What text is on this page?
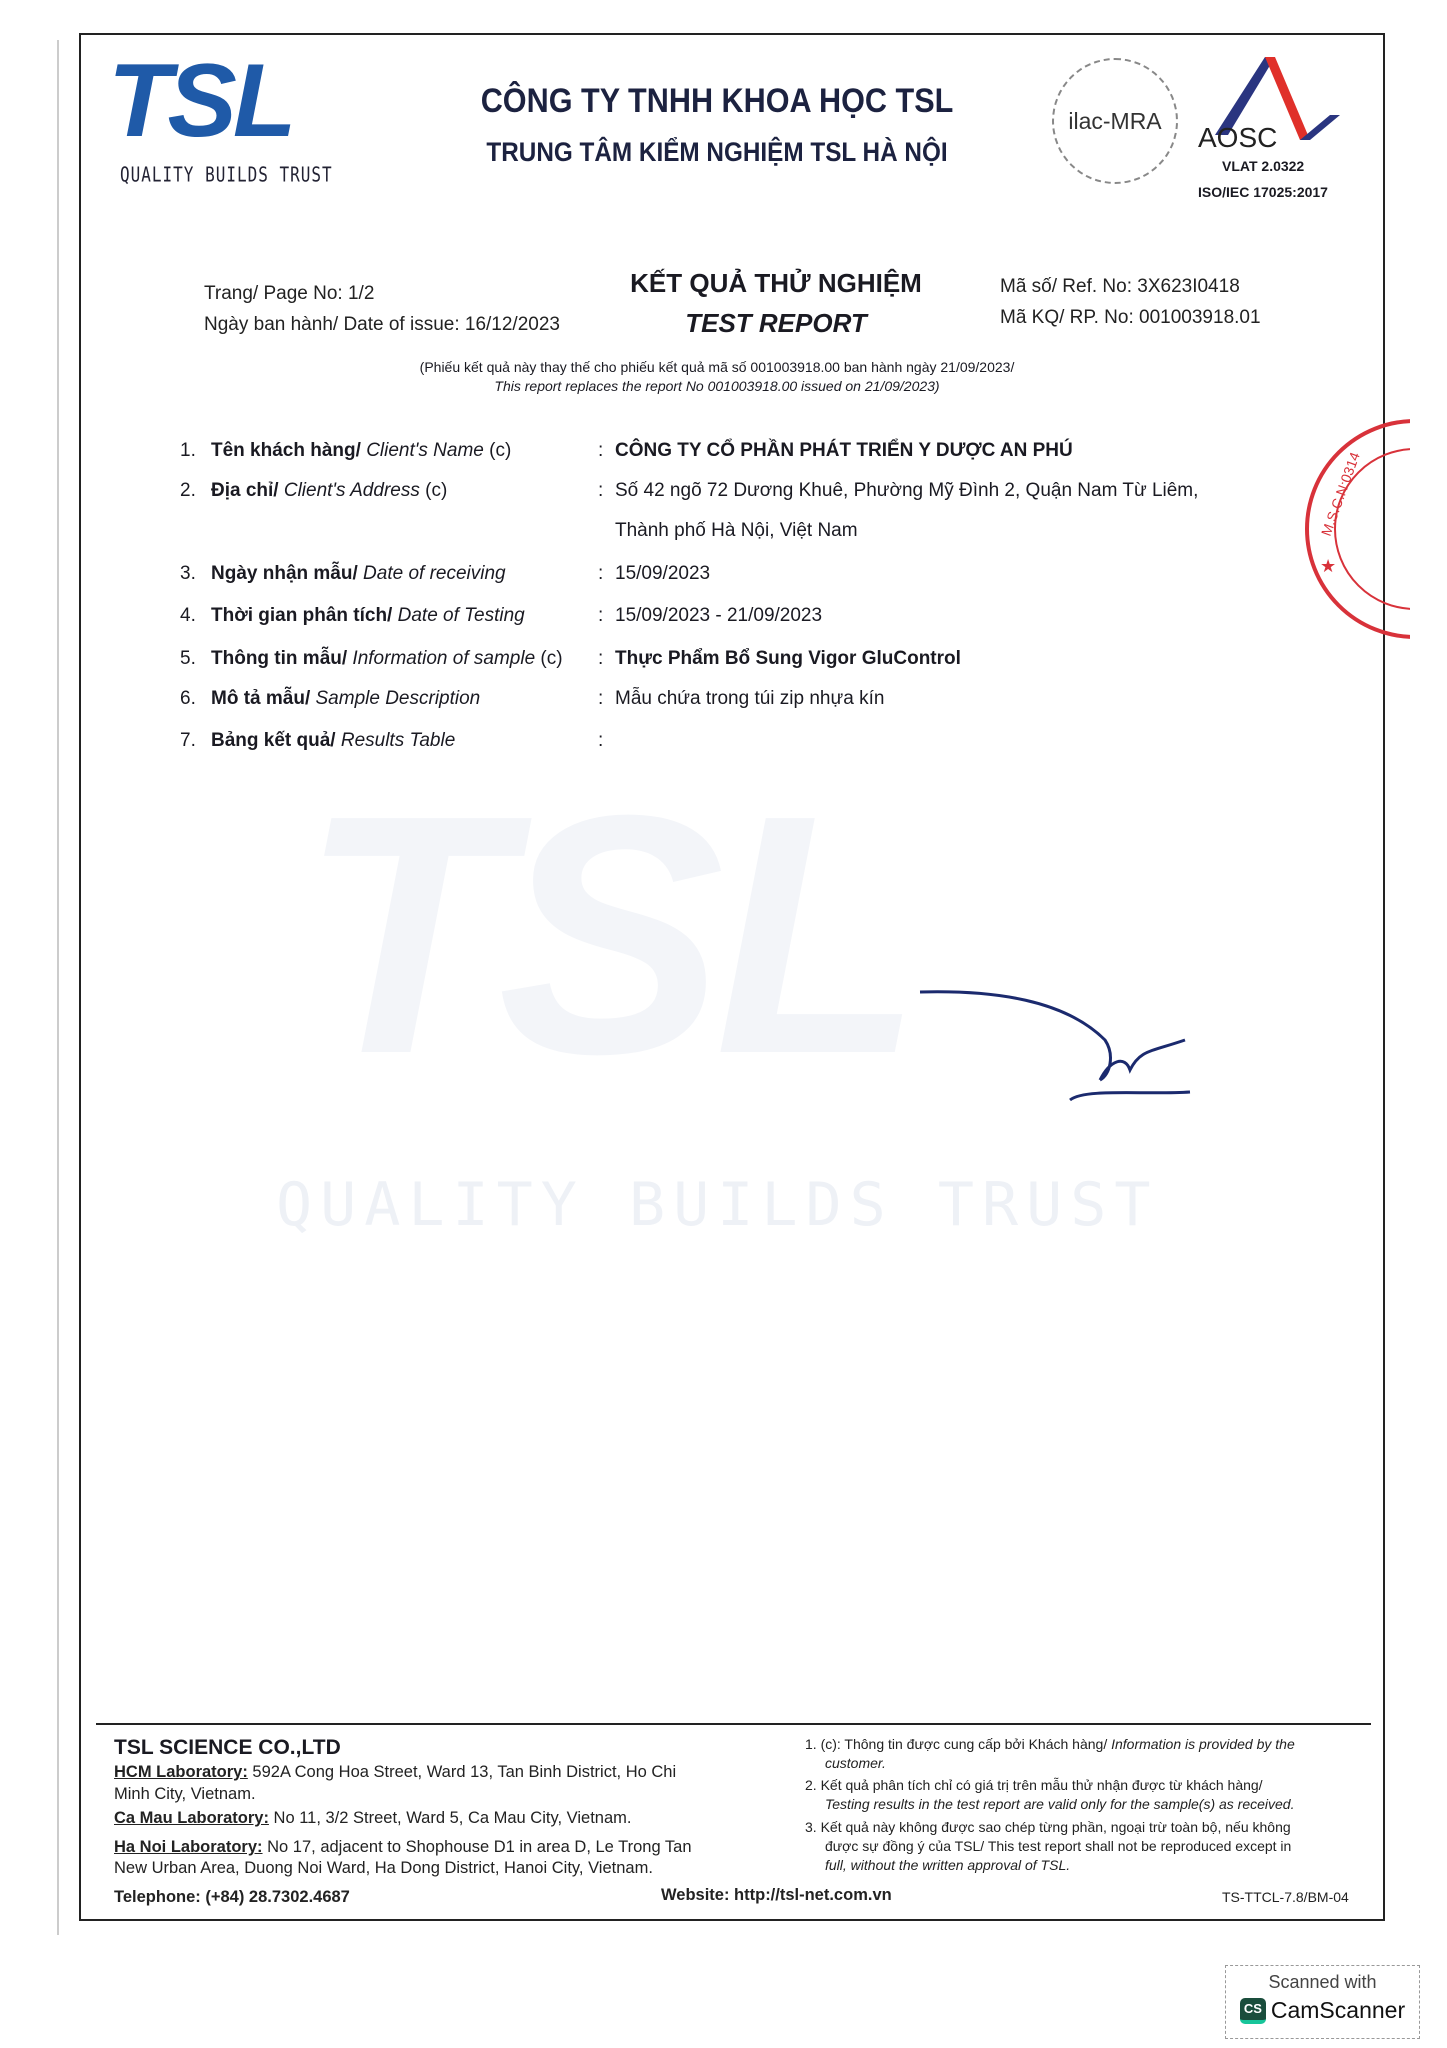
TSL
QUALITY BUILDS TRUST
TSL
QUALITY BUILDS TRUST
CÔNG TY TNHH KHOA HỌC TSL
TRUNG TÂM KIỂM NGHIỆM TSL HÀ NỘI
ilac-MRA
AOSC
VLAT 2.0322
ISO/IEC 17025:2017
Trang/ Page No: 1/2
Ngày ban hành/ Date of issue: 16/12/2023
KẾT QUẢ THỬ NGHIỆM
TEST REPORT
Mã số/ Ref. No: 3X623I0418
Mã KQ/ RP. No: 001003918.01
(Phiếu kết quả này thay thế cho phiếu kết quả mã số 001003918.00 ban hành ngày 21/09/2023/
This report replaces the report No 001003918.00 issued on 21/09/2023)
1. Tên khách hàng/ Client's Name (c)	: CÔNG TY CỔ PHẦN PHÁT TRIỂN Y DƯỢC AN PHÚ
2. Địa chỉ/ Client's Address (c)	: Số 42 ngõ 72 Dương Khuê, Phường Mỹ Đình 2, Quận Nam Từ Liêm,
Thành phố Hà Nội, Việt Nam
3. Ngày nhận mẫu/ Date of receiving	: 15/09/2023
4. Thời gian phân tích/ Date of Testing	: 15/09/2023 - 21/09/2023
5. Thông tin mẫu/ Information of sample (c) : Thực Phẩm Bổ Sung Vigor GluControl
6. Mô tả mẫu/ Sample Description	: Mẫu chứa trong túi zip nhựa kín
7. Bảng kết quả/ Results Table	:
M.S.C.N:0314
★
TSL SCIENCE CO.,LTD
HCM Laboratory: 592A Cong Hoa Street, Ward 13, Tan Binh District, Ho Chi
Minh City, Vietnam.
Ca Mau Laboratory: No 11, 3/2 Street, Ward 5, Ca Mau City, Vietnam.
Ha Noi Laboratory: No 17, adjacent to Shophouse D1 in area D, Le Trong Tan
New Urban Area, Duong Noi Ward, Ha Dong District, Hanoi City, Vietnam.
Telephone: (+84) 28.7302.4687	Website: http://tsl-net.com.vn	TS-TTCL-7.8/BM-04
1. (c): Thông tin được cung cấp bởi Khách hàng/ Information is provided by the
customer.
2. Kết quả phân tích chỉ có giá trị trên mẫu thử nhận được từ khách hàng/
Testing results in the test report are valid only for the sample(s) as received.
3. Kết quả này không được sao chép từng phần, ngoại trừ toàn bộ, nếu không
được sự đồng ý của TSL/ This test report shall not be reproduced except in
full, without the written approval of TSL.
Scanned with
CS CamScanner
